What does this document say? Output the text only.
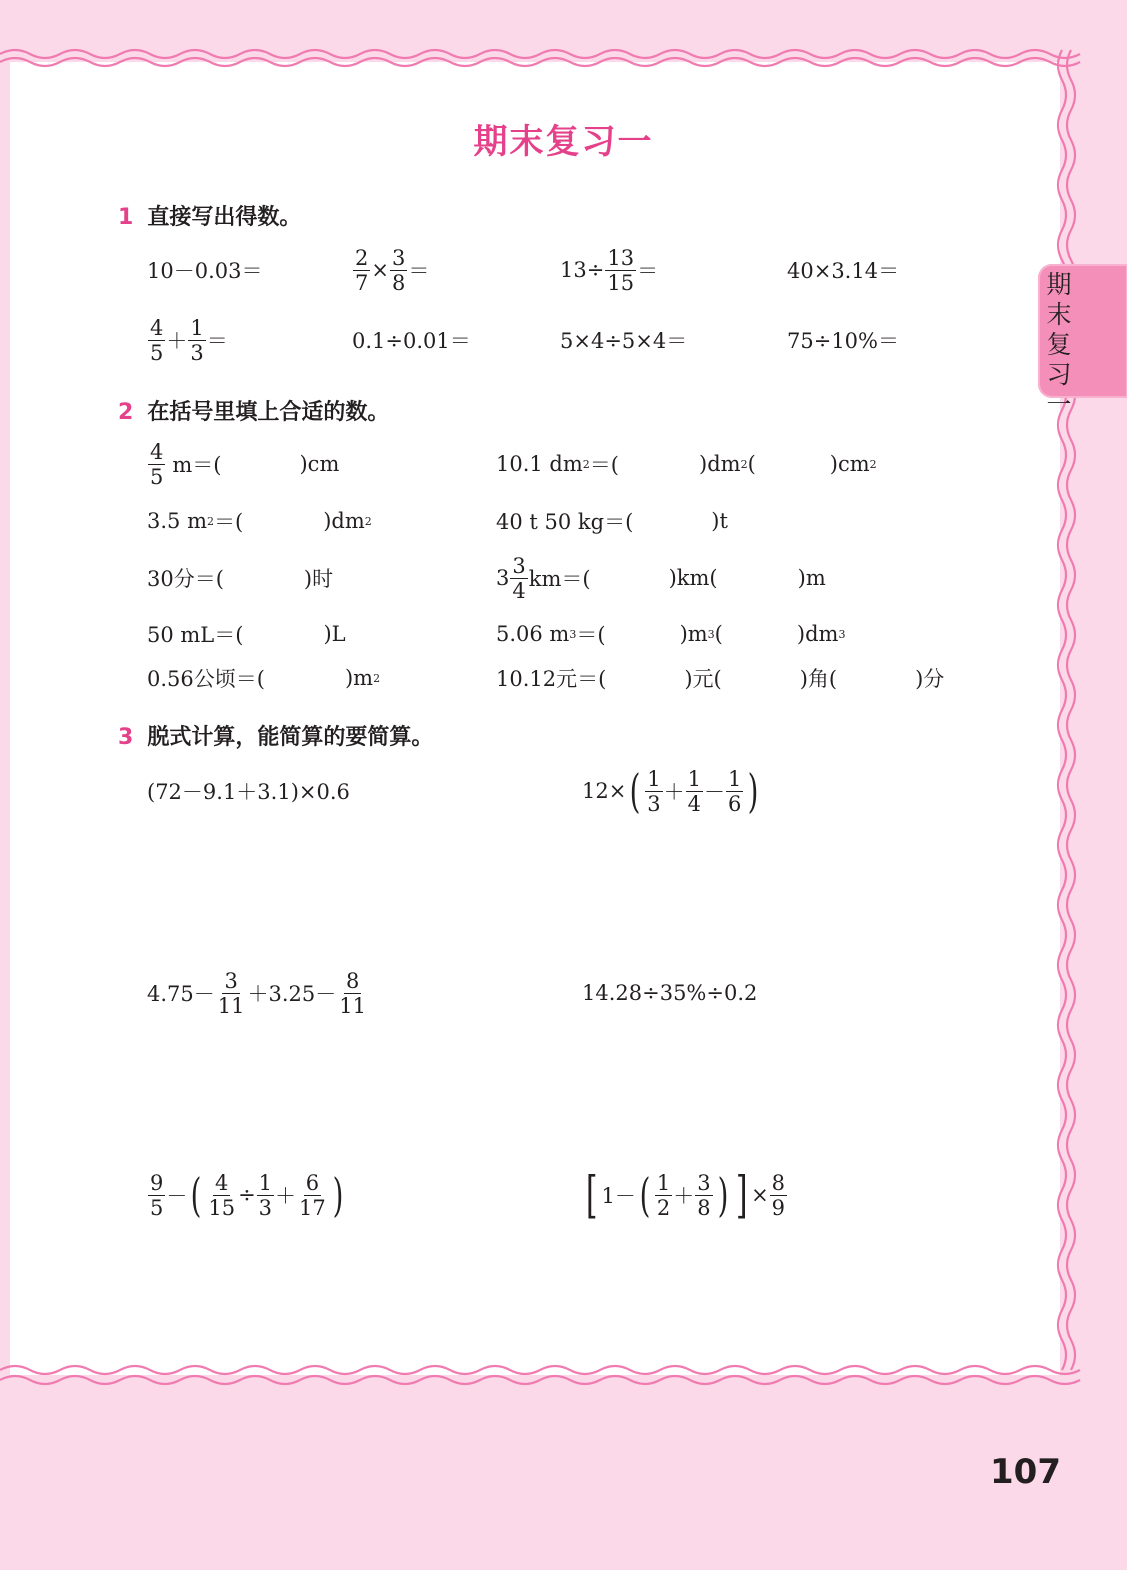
期末复习一
期
末
复
习
一
1 直接写出得数。
10－0.03＝	$\frac{2}{7} \times \frac{3}{8}$ ＝	$13\div \frac{13}{15}$ ＝	40×3.14＝
$\frac{4}{5} + \frac{1}{3}$ ＝	0.1÷0.01＝	5×4÷5×4＝	75÷10%＝
2 在括号里填上合适的数。
$\frac{4}{5} m=$(	)cm	10.1 dm 2 ＝(	)dm 2 (	)cm 2
3.5 m 2 ＝(	)dm 2	40 t 50 kg＝(	)t
30分＝(	)时	$3 \frac{3}{4} km=$(	)km(	)m
50 mL＝(	)L	5.06 m 3 ＝(	)m 3 (	)dm 3
0.56公顷＝(	)m 2	10.12元＝(	)元(	)角(	)分
3 脱式计算，能简算的要简算。
(72－9.1＋3.1)×0.6	12× ( $\frac{1}{3} + \frac{1}{4} - \frac{1}{6}$ )
$4.75- \frac{3}{11} +3.25- \frac{8}{11}$	14.28÷35%÷0.2
$\frac{9}{5}$ － ( $\frac{4}{15} \div \frac{1}{3} + \frac{6}{17}$ )	[ 1－ ( $\frac{1}{2} + \frac{3}{8}$ ) ] × $\frac{8}{9}$
107
